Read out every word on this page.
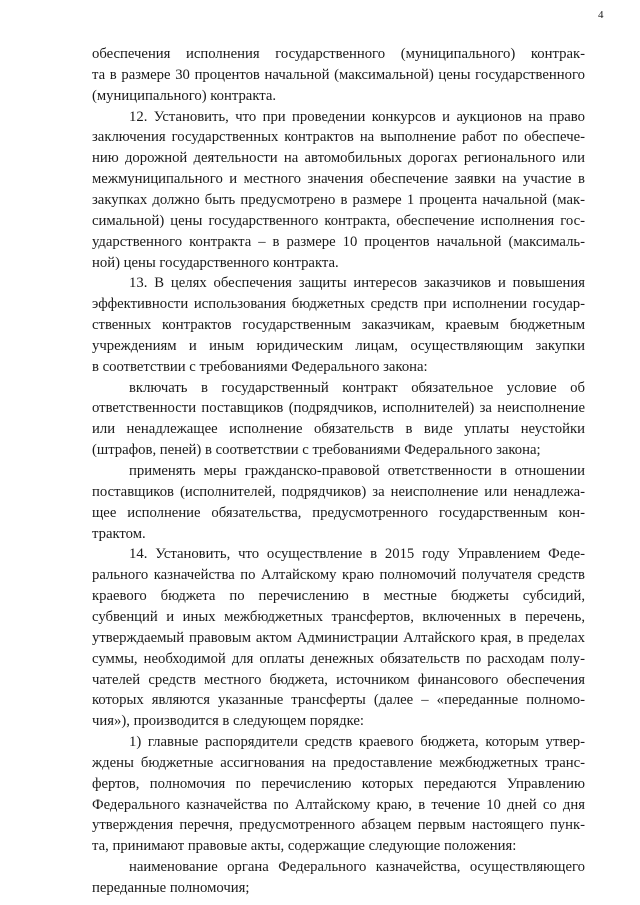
4
обеспечения исполнения государственного (муниципального) контрак-
та в размере 30 процентов начальной (максимальной) цены государственного
(муниципального) контракта.
12. Установить, что при проведении конкурсов и аукционов на право
заключения государственных контрактов на выполнение работ по обеспече-
нию дорожной деятельности на автомобильных дорогах регионального или
межмуниципального и местного значения обеспечение заявки на участие в
закупках должно быть предусмотрено в размере 1 процента начальной (мак-
симальной) цены государственного контракта, обеспечение исполнения гос-
ударственного контракта – в размере 10 процентов начальной (максималь-
ной) цены государственного контракта.
13. В целях обеспечения защиты интересов заказчиков и повышения
эффективности использования бюджетных средств при исполнении государ-
ственных контрактов государственным заказчикам, краевым бюджетным
учреждениям и иным юридическим лицам, осуществляющим закупки
в соответствии с требованиями Федерального закона:
включать в государственный контракт обязательное условие об
ответственности поставщиков (подрядчиков, исполнителей) за неисполнение
или ненадлежащее исполнение обязательств в виде уплаты неустойки
(штрафов, пеней) в соответствии с требованиями Федерального закона;
применять меры гражданско-правовой ответственности в отношении
поставщиков (исполнителей, подрядчиков) за неисполнение или ненадлежа-
щее исполнение обязательства, предусмотренного государственным кон-
трактом.
14. Установить, что осуществление в 2015 году Управлением Феде-
рального казначейства по Алтайскому краю полномочий получателя средств
краевого бюджета по перечислению в местные бюджеты субсидий,
субвенций и иных межбюджетных трансфертов, включенных в перечень,
утверждаемый правовым актом Администрации Алтайского края, в пределах
суммы, необходимой для оплаты денежных обязательств по расходам полу-
чателей средств местного бюджета, источником финансового обеспечения
которых являются указанные трансферты (далее – «переданные полномо-
чия»), производится в следующем порядке:
1) главные распорядители средств краевого бюджета, которым утвер-
ждены бюджетные ассигнования на предоставление межбюджетных транс-
фертов, полномочия по перечислению которых передаются Управлению
Федерального казначейства по Алтайскому краю, в течение 10 дней со дня
утверждения перечня, предусмотренного абзацем первым настоящего пунк-
та, принимают правовые акты, содержащие следующие положения:
наименование органа Федерального казначейства, осуществляющего
переданные полномочия;
